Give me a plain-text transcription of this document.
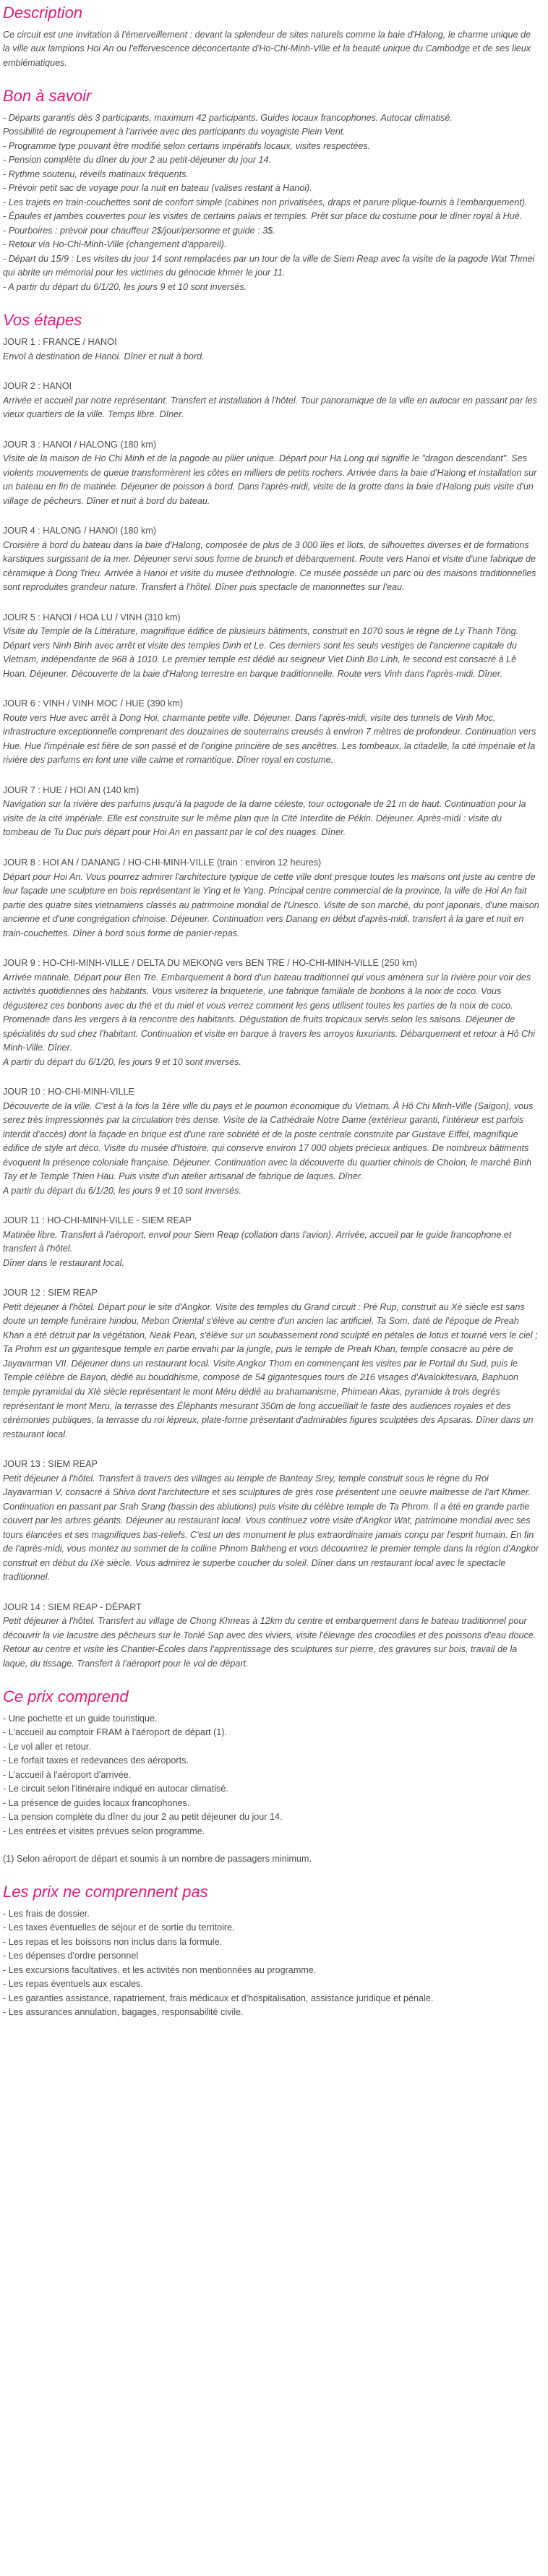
Description

Ce circuit est une invitation à l'émerveillement : devant la splendeur de sites naturels comme la baie d'Halong, le charme unique de la ville aux lampions Hoi An ou l'effervescence déconcertante d'Ho-Chi-Minh-Ville et la beauté unique du Cambodge et de ses lieux emblématiques.

Bon à savoir

- Départs garantis dès 3 participants, maximum 42 participants. Guides locaux francophones. Autocar climatisé.

Possibilité de regroupement à l'arrivée avec des participants du voyagiste Plein Vent.

- Programme type pouvant être modifié selon certains impératifs locaux, visites respectées.

- Pension complète du dîner du jour 2 au petit-déjeuner du jour 14.

- Rythme soutenu, réveils matinaux fréquents.

- Prévoir petit sac de voyage pour la nuit en bateau (valises restant à Hanoi).

- Les trajets en train-couchettes sont de confort simple (cabines non privatisées, draps et parure plique-fournis à l'embarquement).

- Épaules et jambes couvertes pour les visites de certains palais et temples. Prêt sur place du costume pour le dîner royal à Hué.

- Pourboires : prévoir pour chauffeur 2$/jour/personne et guide : 3$.

- Retour via Ho-Chi-Minh-Ville (changement d'appareil).

- Départ du 15/9 : Les visites du jour 14 sont remplacées par un tour de la ville de Siem Reap avec la visite de la pagode Wat Thmei qui abrite un mémorial pour les victimes du génocide khmer le jour 11.

- A partir du départ du 6/1/20, les jours 9 et 10 sont inversés.

Vos étapes

JOUR 1 : FRANCE / HANOI

Envol à destination de Hanoi. Dîner et nuit à bord.

JOUR 2 : HANOI

Arrivée et accueil par notre représentant. Transfert et installation à l'hôtel. Tour panoramique de la ville en autocar en passant par les vieux quartiers de la ville. Temps libre. Dîner.

JOUR 3 : HANOI / HALONG (180 km)

Visite de la maison de Ho Chi Minh et de la pagode au pilier unique. Départ pour Ha Long qui signifie le "dragon descendant". Ses violents mouvements de queue transformèrent les côtes en milliers de petits rochers. Arrivée dans la baie d'Halong et installation sur un bateau en fin de matinée. Déjeuner de poisson à bord. Dans l'après-midi, visite de la grotte dans la baie d'Halong puis visite d'un village de pêcheurs. Dîner et nuit à bord du bateau.

JOUR 4 : HALONG / HANOI (180 km)

Croisière à bord du bateau dans la baie d'Halong, composée de plus de 3 000 îles et îlots, de silhouettes diverses et de formations karstiques surgissant de la mer. Déjeuner servi sous forme de brunch et débarquement. Route vers Hanoi et visite d'une fabrique de céramique à Dong Trieu. Arrivée à Hanoi et visite du musée d'ethnologie. Ce musée possède un parc où des maisons traditionnelles sont reproduites grandeur nature. Transfert à l'hôtel. Dîner puis spectacle de marionnettes sur l'eau.

JOUR 5 : HANOI / HOA LU / VINH (310 km)

Visite du Temple de la Littérature, magnifique édifice de plusieurs bâtiments, construit en 1070 sous le règne de Ly Thanh Tông. Départ vers Ninh Binh avec arrêt et visite des temples Dinh et Le. Ces derniers sont les seuls vestiges de l'ancienne capitale du Vietnam, indépendante de 968 à 1010. Le premier temple est dédié au seigneur Viet Dinh Bo Linh, le second est consacré à Lê Hoan. Déjeuner. Découverte de la baie d'Halong terrestre en barque traditionnelle. Route vers Vinh dans l'après-midi. Dîner.

JOUR 6 : VINH / VINH MOC / HUE (390 km)

Route vers Hue avec arrêt à Dong Hoi, charmante petite ville. Déjeuner. Dans l'après-midi, visite des tunnels de Vinh Moc, infrastructure exceptionnelle comprenant des douzaines de souterrains creusés à environ 7 mètres de profondeur. Continuation vers Hue. Hue l'impériale est fière de son passé et de l'origine princière de ses ancêtres. Les tombeaux, la citadelle, la cité impériale et la rivière des parfums en font une ville calme et romantique. Dîner royal en costume.

JOUR 7 : HUE / HOI AN (140 km)

Navigation sur la rivière des parfums jusqu'à la pagode de la dame céleste, tour octogonale de 21 m de haut. Continuation pour la visite de la cité impériale. Elle est construite sur le même plan que la Cité Interdite de Pékin. Déjeuner. Après-midi : visite du tombeau de Tu Duc puis départ pour Hoi An en passant par le col des nuages. Dîner.

JOUR 8 : HOI AN / DANANG / HO-CHI-MINH-VILLE (train : environ 12 heures)

Départ pour Hoi An. Vous pourrez admirer l'architecture typique de cette ville dont presque toutes les maisons ont juste au centre de leur façade une sculpture en bois représentant le Ying et le Yang. Principal centre commercial de la province, la ville de Hoi An fait partie des quatre sites vietnamiens classés au patrimoine mondial de l'Unesco. Visite de son marché, du pont japonais, d'une maison ancienne et d'une congrégation chinoise. Déjeuner. Continuation vers Danang en début d'après-midi, transfert à la gare et nuit en train-couchettes. Dîner à bord sous forme de panier-repas.

JOUR 9 : HO-CHI-MINH-VILLE / DELTA DU MEKONG vers BEN TRE / HO-CHI-MINH-VILLE (250 km)

Arrivée matinale. Départ pour Ben Tre. Embarquement à bord d'un bateau traditionnel qui vous amènera sur la rivière pour voir des activités quotidiennes des habitants. Vous visiterez la briqueterie, une fabrique familiale de bonbons à la noix de coco. Vous dégusterez ces bonbons avec du thé et du miel et vous verrez comment les gens utilisent toutes les parties de la noix de coco. Promenade dans les vergers à la rencontre des habitants. Dégustation de fruits tropicaux servis selon les saisons. Déjeuner de spécialités du sud chez l'habitant. Continuation et visite en barque à travers les arroyos luxuriants. Débarquement et retour à Hô Chi Minh-Ville. Dîner.

A partir du départ du 6/1/20, les jours 9 et 10 sont inversés.

JOUR 10 : HO-CHI-MINH-VILLE

Découverte de la ville. C'est à la fois la 1ère ville du pays et le poumon économique du Vietnam. À Hô Chi Minh-Ville (Saigon), vous serez très impressionnés par la circulation très dense. Visite de la Cathédrale Notre Dame (extérieur garanti, l'intérieur est parfois interdit d'accès) dont la façade en brique est d'une rare sobriété et de la poste centrale construite par Gustave Eiffel, magnifique édifice de style art déco. Visite du musée d'histoire, qui conserve environ 17 000 objets précieux antiques. De nombreux bâtiments évoquent la présence coloniale française. Déjeuner. Continuation avec la découverte du quartier chinois de Cholon, le marché Binh Tay et le Temple Thien Hau. Puis visite d'un atelier artisanal de fabrique de laques. Dîner.

A partir du départ du 6/1/20, les jours 9 et 10 sont inversés.

JOUR 11 : HO-CHI-MINH-VILLE - SIEM REAP

Matinée libre. Transfert à l'aéroport, envol pour Siem Reap (collation dans l'avion). Arrivée, accueil par le guide francophone et transfert à l'hôtel.
Dîner dans le restaurant local.

JOUR 12 : SIEM REAP

Petit déjeuner à l'hôtel. Départ pour le site d'Angkor. Visite des temples du Grand circuit : Pré Rup, construit au Xè siècle est sans doute un temple funéraire hindou, Mebon Oriental s'élève au centre d'un ancien lac artificiel, Ta Som, daté de l'époque de Preah Khan a été détruit par la végétation, Neak Pean, s'élève sur un soubassement rond sculpté en pétales de lotus et tourné vers le ciel ; Ta Prohm est un gigantesque temple en partie envahi par la jungle, puis le temple de Preah Khan, temple consacré au père de Jayavarman VII. Déjeuner dans un restaurant local. Visite Angkor Thom en commençant les visites par le Portail du Sud, puis le Temple célèbre de Bayon, dédié au bouddhisme, composé de 54 gigantesques tours de 216 visages d'Avalokitesvara, Baphuon temple pyramidal du XIè siècle représentant le mont Méru dédié au brahamanisme, Phimean Akas, pyramide à trois degrés représentant le mont Meru, la terrasse des Éléphants mesurant 350m de long accueillait le faste des audiences royales et des cérémonies publiques, la terrasse du roi lépreux, plate-forme présentant d'admirables figures sculptées des Apsaras. Dîner dans un restaurant local.

JOUR 13 : SIEM REAP

Petit déjeuner à l'hôtel. Transfert à travers des villages au temple de Banteay Srey, temple construit sous le règne du Roi Jayavarman V, consacré à Shiva dont l'architecture et ses sculptures de grès rose présentent une oeuvre maîtresse de l'art Khmer. Continuation en passant par Srah Srang (bassin des ablutions) puis visite du célèbre temple de Ta Phrom. Il a été en grande partie couvert par les arbres géants. Déjeuner au restaurant local. Vous continuez votre visite d'Angkor Wat, patrimoine mondial avec ses tours élancées et ses magnifiques bas-reliefs. C'est un des monument le plus extraordinaire jamais conçu par l'esprit humain. En fin de l'après-midi, vous montez au sommet de la colline Phnom Bakheng et vous découvrirez le premier temple dans la région d'Angkor construit en début du IXè siècle. Vous admirez le superbe coucher du soleil. Dîner dans un restaurant local avec le spectacle traditionnel.

JOUR 14 : SIEM REAP - DÉPART

Petit déjeuner à l'hôtel. Transfert au village de Chong Khneas à 12km du centre et embarquement dans le bateau traditionnel pour découvrir la vie lacustre des pêcheurs sur le Tonlé Sap avec des viviers, visite l'élevage des crocodiles et des poissons d'eau douce. Retour au centre et visite les Chantier-Écoles dans l'apprentissage des sculptures sur pierre, des gravures sur bois, travail de la laque, du tissage. Transfert à l'aéroport pour le vol de départ.

Ce prix comprend

- Une pochette et un guide touristique.

- L'accueil au comptoir FRAM à l'aéroport de départ (1).

- Le vol aller et retour.

- Le forfait taxes et redevances des aéroports.

- L'accueil à l'aéroport d'arrivée.

- Le circuit selon l'itinéraire indiqué en autocar climatisé.

- La présence de guides locaux francophones.

- La pension complète du dîner du jour 2 au petit déjeuner du jour 14.

- Les entrées et visites prévues selon programme.

(1) Selon aéroport de départ et soumis à un nombre de passagers minimum.

Les prix ne comprennent pas

- Les frais de dossier.

- Les taxes éventuelles de séjour et de sortie du territoire.

- Les repas et les boissons non inclus dans la formule.

- Les dépenses d'ordre personnel

- Les excursions facultatives, et les activités non mentionnées au programme.

- Les repas éventuels aux escales.

- Les garanties assistance, rapatriement, frais médicaux et d'hospitalisation, assistance juridique et pénale.

- Les assurances annulation, bagages, responsabilité civile.
